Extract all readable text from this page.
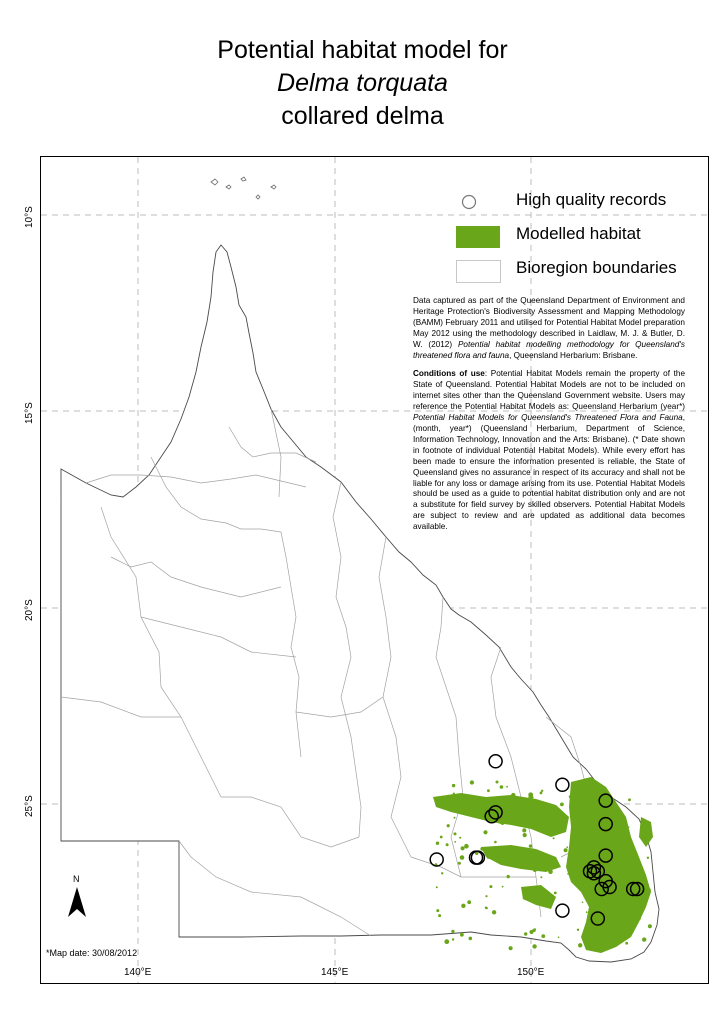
Potential habitat model for
Delma torquata
collared delma
10°S
15°S
20°S
25°S
140°E	145°E	150°E
High quality records
Modelled habitat
Bioregion boundaries

Data captured as part of the Queensland Department of Environment and Heritage Protection's Biodiversity Assessment and Mapping Methodology (BAMM) February 2011 and utilised for Potential Habitat Model preparation May 2012 using the methodology described in Laidlaw, M. J. & Butler, D. W. (2012) Potential habitat modelling methodology for Queensland's threatened flora and fauna, Queensland Herbarium: Brisbane.

Conditions of use: Potential Habitat Models remain the property of the State of Queensland. Potential Habitat Models are not to be included on internet sites other than the Queensland Government website. Users may reference the Potential Habitat Models as: Queensland Herbarium (year*) Potential Habitat Models for Queensland's Threatened Flora and Fauna, (month, year*) (Queensland Herbarium, Department of Science, Information Technology, Innovation and the Arts: Brisbane). (* Date shown in footnote of individual Potential Habitat Models). While every effort has been made to ensure the information presented is reliable, the State of Queensland gives no assurance in respect of its accuracy and shall not be liable for any loss or damage arising from its use. Potential Habitat Models should be used as a guide to potential habitat distribution only and are not a substitute for field survey by skilled observers. Potential Habitat Models are subject to review and are updated as additional data becomes available.

N
*Map date: 30/08/2012
